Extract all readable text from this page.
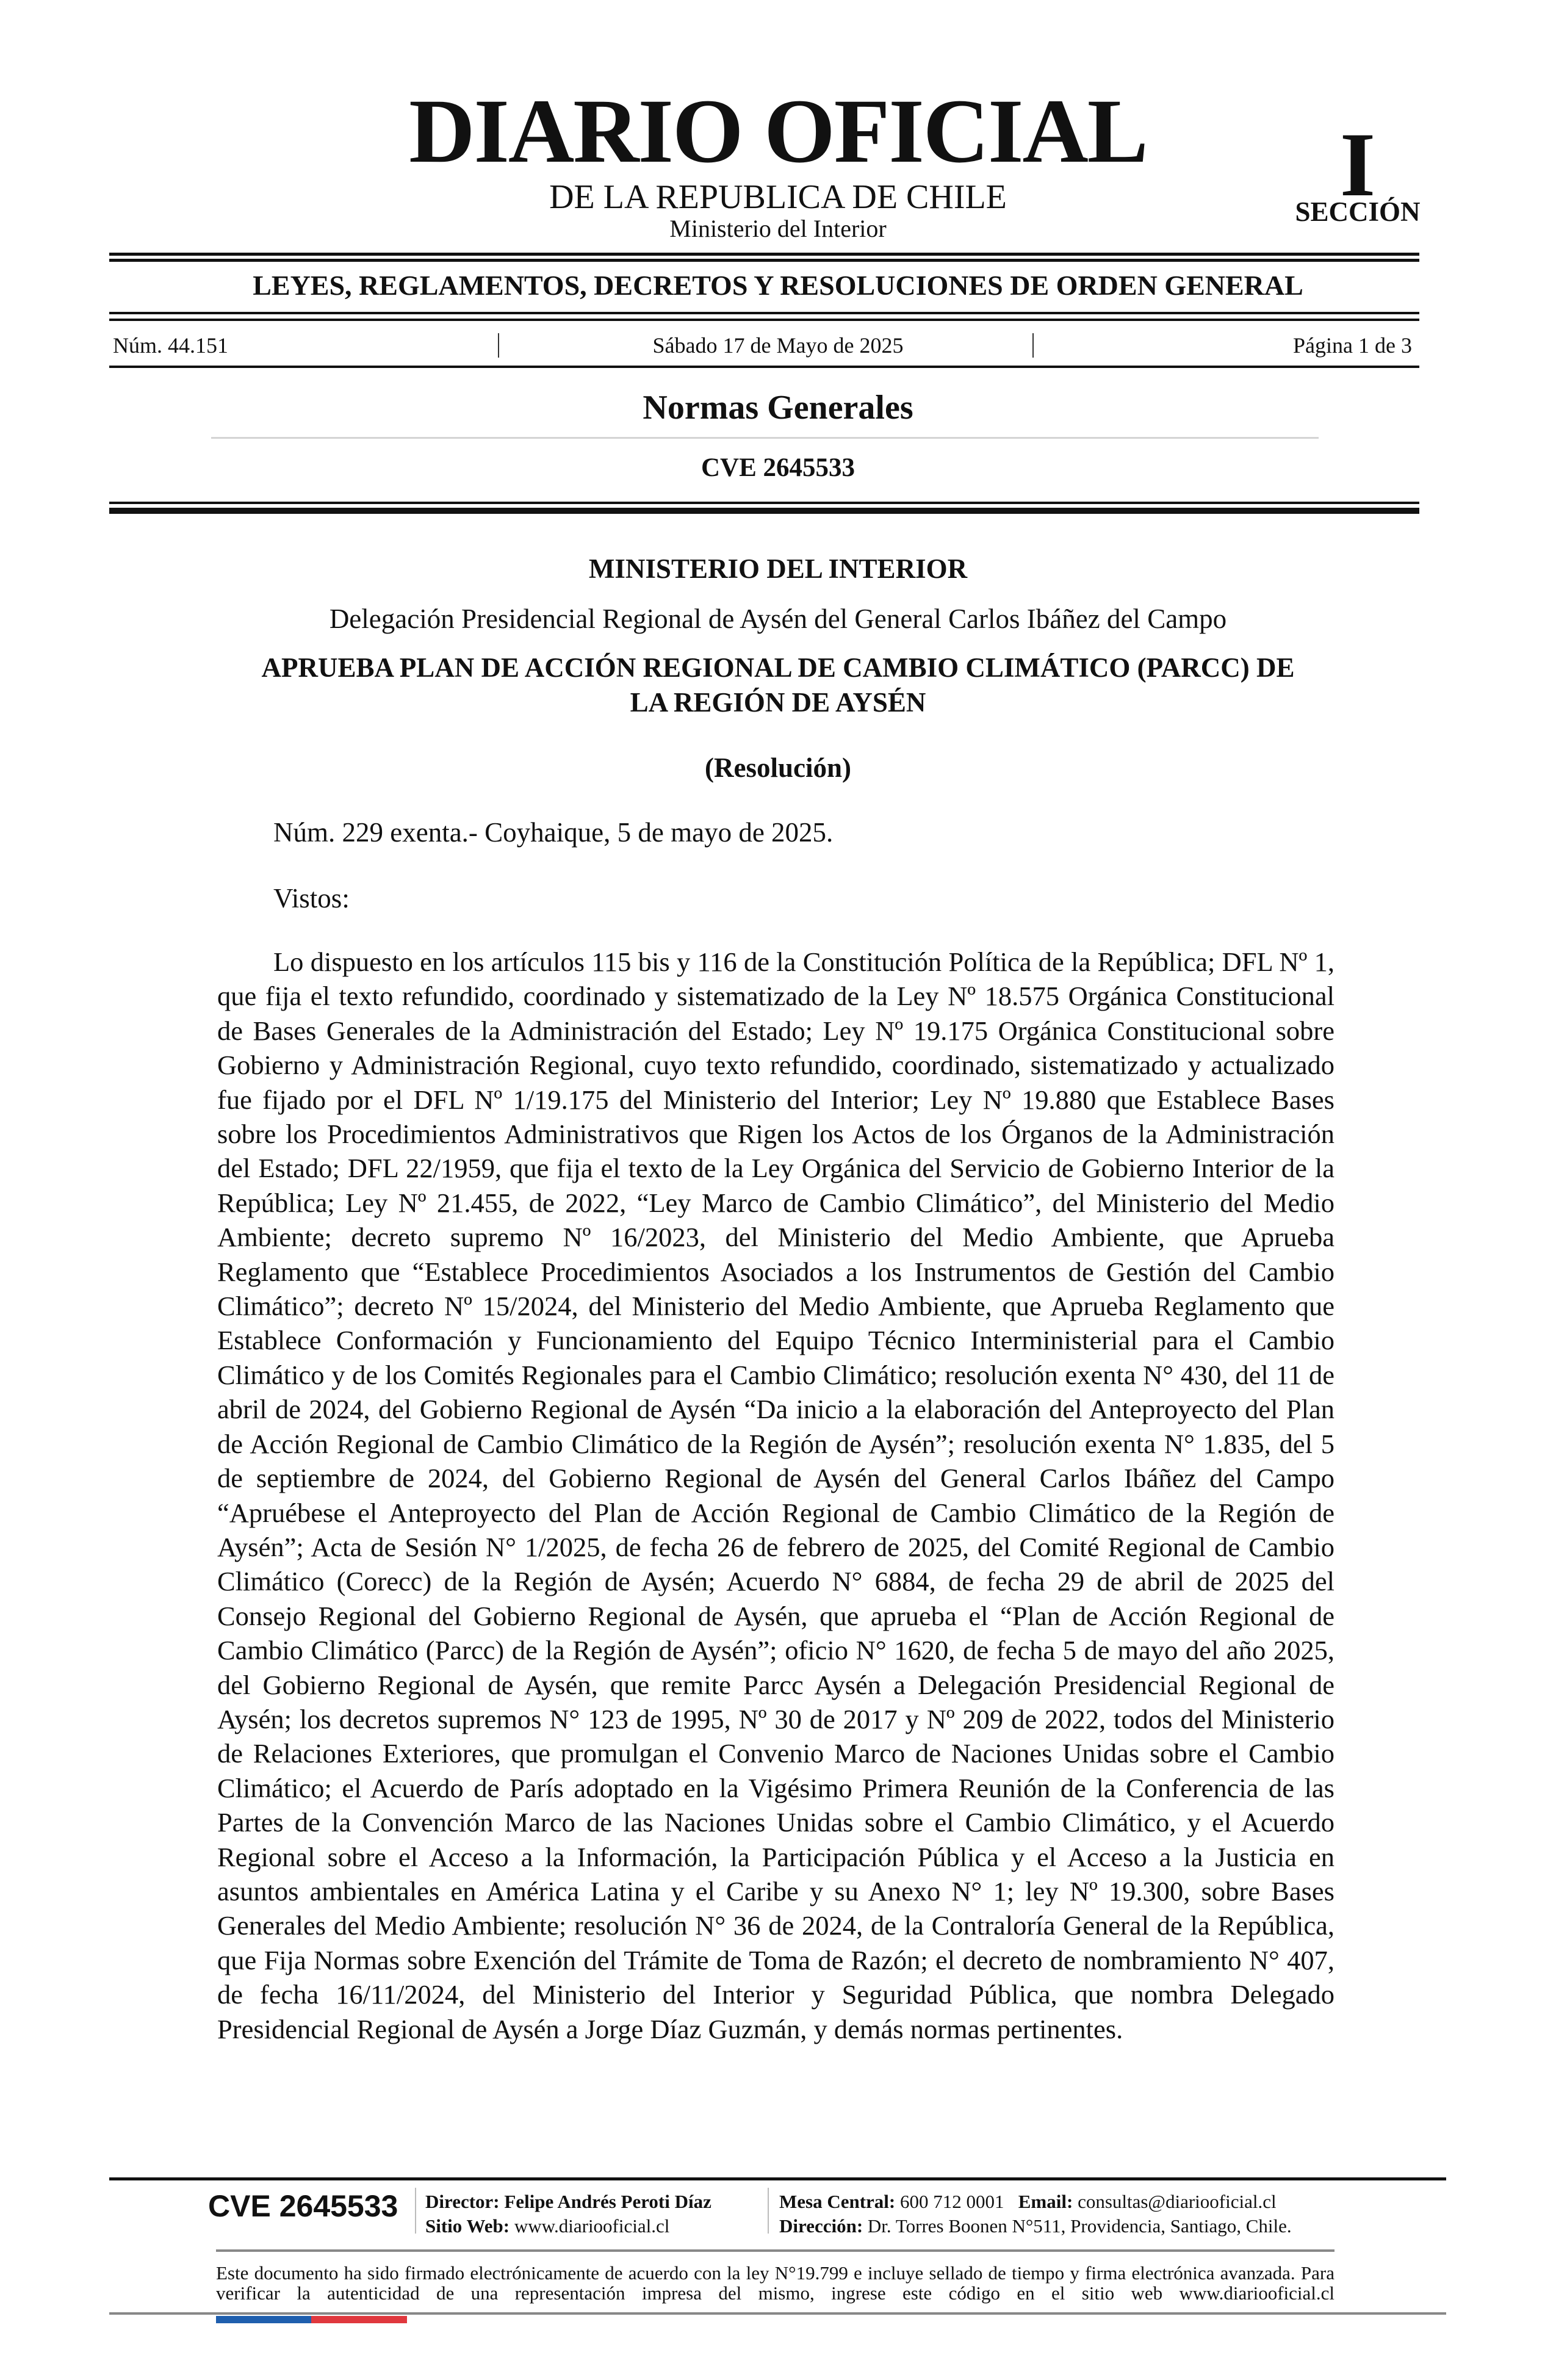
DIARIO OFICIAL
DE LA REPUBLICA DE CHILE
Ministerio del Interior
I
SECCIÓN
LEYES, REGLAMENTOS, DECRETOS Y RESOLUCIONES DE ORDEN GENERAL
Núm. 44.151	Sábado 17 de Mayo de 2025	Página 1 de 3
Normas Generales
CVE 2645533
MINISTERIO DEL INTERIOR
Delegación Presidencial Regional de Aysén del General Carlos Ibáñez del Campo
APRUEBA PLAN DE ACCIÓN REGIONAL DE CAMBIO CLIMÁTICO (PARCC) DE
LA REGIÓN DE AYSÉN
(Resolución)
Núm. 229 exenta.- Coyhaique, 5 de mayo de 2025.
Vistos:
Lo dispuesto en los artículos 115 bis y 116 de la Constitución Política de la República; DFL Nº 1, que fija el texto refundido, coordinado y sistematizado de la Ley Nº 18.575 Orgánica Constitucional de Bases Generales de la Administración del Estado; Ley Nº 19.175 Orgánica Constitucional sobre Gobierno y Administración Regional, cuyo texto refundido, coordinado, sistematizado y actualizado fue fijado por el DFL Nº 1/19.175 del Ministerio del Interior; Ley Nº 19.880 que Establece Bases sobre los Procedimientos Administrativos que Rigen los Actos de los Órganos de la Administración del Estado; DFL 22/1959, que fija el texto de la Ley Orgánica del Servicio de Gobierno Interior de la República; Ley Nº 21.455, de 2022, “Ley Marco de Cambio Climático”, del Ministerio del Medio Ambiente; decreto supremo Nº 16/2023, del Ministerio del Medio Ambiente, que Aprueba Reglamento que “Establece Procedimientos Asociados a los Instrumentos de Gestión del Cambio Climático”; decreto Nº 15/2024, del Ministerio del Medio Ambiente, que Aprueba Reglamento que Establece Conformación y Funcionamiento del Equipo Técnico Interministerial para el Cambio Climático y de los Comités Regionales para el Cambio Climático; resolución exenta N° 430, del 11 de abril de 2024, del Gobierno Regional de Aysén “Da inicio a la elaboración del Anteproyecto del Plan de Acción Regional de Cambio Climático de la Región de Aysén”; resolución exenta N° 1.835, del 5 de septiembre de 2024, del Gobierno Regional de Aysén del General Carlos Ibáñez del Campo “Apruébese el Anteproyecto del Plan de Acción Regional de Cambio Climático de la Región de Aysén”; Acta de Sesión N° 1/2025, de fecha 26 de febrero de 2025, del Comité Regional de Cambio Climático (Corecc) de la Región de Aysén; Acuerdo N° 6884, de fecha 29 de abril de 2025 del Consejo Regional del Gobierno Regional de Aysén, que aprueba el “Plan de Acción Regional de Cambio Climático (Parcc) de la Región de Aysén”; oficio N° 1620, de fecha 5 de mayo del año 2025, del Gobierno Regional de Aysén, que remite Parcc Aysén a Delegación Presidencial Regional de Aysén; los decretos supremos N° 123 de 1995, Nº 30 de 2017 y Nº 209 de 2022, todos del Ministerio de Relaciones Exteriores, que promulgan el Convenio Marco de Naciones Unidas sobre el Cambio Climático; el Acuerdo de París adoptado en la Vigésimo Primera Reunión de la Conferencia de las Partes de la Convención Marco de las Naciones Unidas sobre el Cambio Climático, y el Acuerdo Regional sobre el Acceso a la Información, la Participación Pública y el Acceso a la Justicia en asuntos ambientales en América Latina y el Caribe y su Anexo N° 1; ley Nº 19.300, sobre Bases Generales del Medio Ambiente; resolución N° 36 de 2024, de la Contraloría General de la República, que Fija Normas sobre Exención del Trámite de Toma de Razón; el decreto de nombramiento N° 407, de fecha 16/11/2024, del Ministerio del Interior y Seguridad Pública, que nombra Delegado Presidencial Regional de Aysén a Jorge Díaz Guzmán, y demás normas pertinentes.
CVE 2645533 Director: Felipe Andrés Peroti Díaz
Sitio Web: www.diariooficial.cl
Mesa Central: 600 712 0001 Email: consultas@diariooficial.cl
Dirección: Dr. Torres Boonen N°511, Providencia, Santiago, Chile.
Este documento ha sido firmado electrónicamente de acuerdo con la ley N°19.799 e incluye sellado de tiempo y firma electrónica avanzada. Para verificar la autenticidad de una representación impresa del mismo, ingrese este código en el sitio web www.diariooficial.cl
